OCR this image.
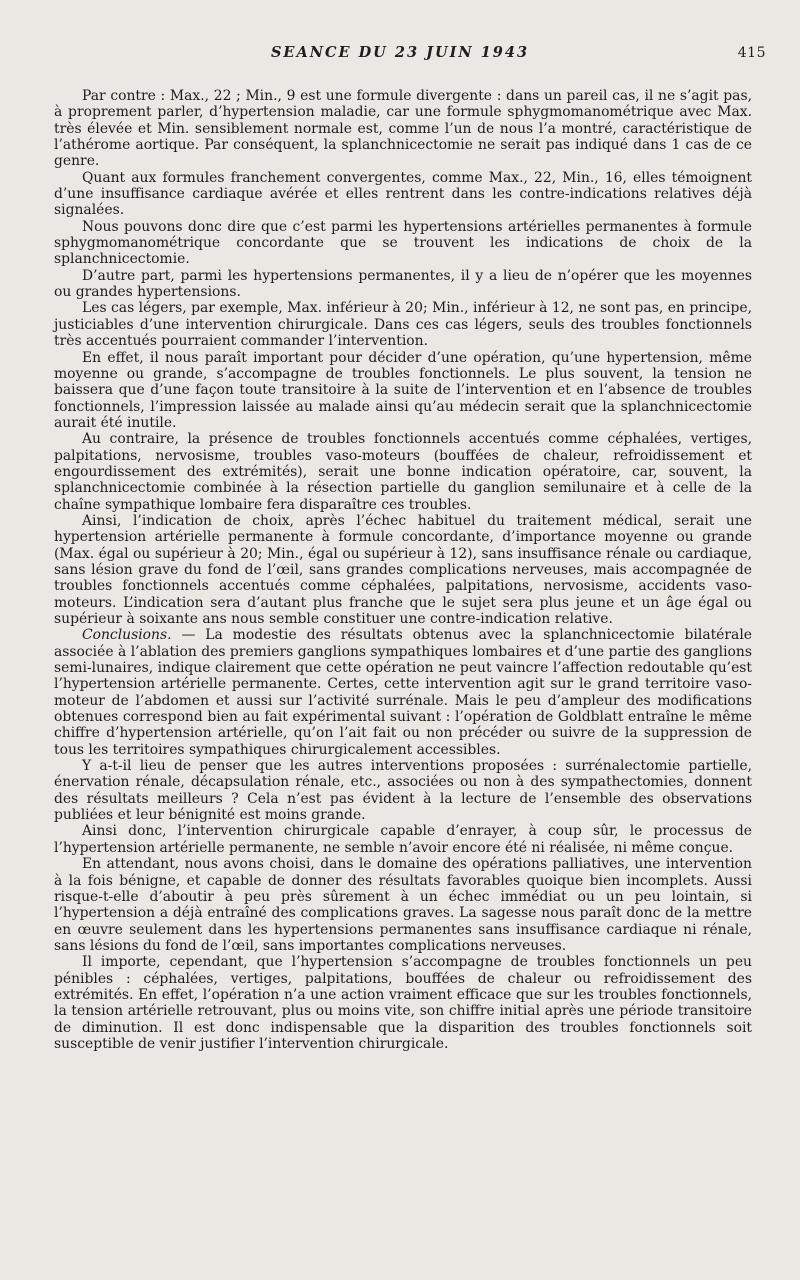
SEANCE DU 23 JUIN 1943	415

Par contre : Max., 22 ; Min., 9 est une formule divergente : dans un pareil cas, il ne s’agit pas, à proprement parler, d’hypertension maladie, car une formule sphygmomanométrique avec Max. très élevée et Min. sensiblement normale est, comme l’un de nous l’a montré, caractéristique de l’athérome aortique. Par conséquent, la splanchnicectomie ne serait pas indiqué dans 1 cas de ce genre.

Quant aux formules franchement convergentes, comme Max., 22, Min., 16, elles témoignent d’une insuffisance cardiaque avérée et elles rentrent dans les contre-indications relatives déjà signalées.

Nous pouvons donc dire que c’est parmi les hypertensions artérielles permanentes à formule sphygmomanométrique concordante que se trouvent les indications de choix de la splanchnicectomie.

D’autre part, parmi les hypertensions permanentes, il y a lieu de n’opérer que les moyennes ou grandes hypertensions.

Les cas légers, par exemple, Max. inférieur à 20; Min., inférieur à 12, ne sont pas, en principe, justiciables d’une intervention chirurgicale. Dans ces cas légers, seuls des troubles fonctionnels très accentués pourraient commander l’intervention.

En effet, il nous paraît important pour décider d’une opération, qu’une hypertension, même moyenne ou grande, s’accompagne de troubles fonctionnels. Le plus souvent, la tension ne baissera que d’une façon toute transitoire à la suite de l’intervention et en l’absence de troubles fonctionnels, l’impression laissée au malade ainsi qu’au médecin serait que la splanchnicectomie aurait été inutile.

Au contraire, la présence de troubles fonctionnels accentués comme céphalées, vertiges, palpitations, nervosisme, troubles vaso-moteurs (bouffées de chaleur, refroidissement et engourdissement des extrémités), serait une bonne indication opératoire, car, souvent, la splanchnicectomie combinée à la résection partielle du ganglion semilunaire et à celle de la chaîne sympathique lombaire fera disparaître ces troubles.

Ainsi, l’indication de choix, après l’échec habituel du traitement médical, serait une hypertension artérielle permanente à formule concordante, d’importance moyenne ou grande (Max. égal ou supérieur à 20; Min., égal ou supérieur à 12), sans insuffisance rénale ou cardiaque, sans lésion grave du fond de l’œil, sans grandes complications nerveuses, mais accompagnée de troubles fonctionnels accentués comme céphalées, palpitations, nervosisme, accidents vaso-moteurs. L’indication sera d’autant plus franche que le sujet sera plus jeune et un âge égal ou supérieur à soixante ans nous semble constituer une contre-indication relative.

Conclusions. — La modestie des résultats obtenus avec la splanchnicectomie bilatérale associée à l’ablation des premiers ganglions sympathiques lombaires et d’une partie des ganglions semi-lunaires, indique clairement que cette opération ne peut vaincre l’affection redoutable qu’est l’hypertension artérielle permanente. Certes, cette intervention agit sur le grand territoire vaso-moteur de l’abdomen et aussi sur l’activité surrénale. Mais le peu d’ampleur des modifications obtenues correspond bien au fait expérimental suivant : l’opération de Goldblatt entraîne le même chiffre d’hypertension artérielle, qu’on l’ait fait ou non précéder ou suivre de la suppression de tous les territoires sympathiques chirurgicalement accessibles.

Y a-t-il lieu de penser que les autres interventions proposées : surrénalectomie partielle, énervation rénale, décapsulation rénale, etc., associées ou non à des sympathectomies, donnent des résultats meilleurs ? Cela n’est pas évident à la lecture de l’ensemble des observations publiées et leur bénignité est moins grande.

Ainsi donc, l’intervention chirurgicale capable d’enrayer, à coup sûr, le processus de l’hypertension artérielle permanente, ne semble n’avoir encore été ni réalisée, ni même conçue.

En attendant, nous avons choisi, dans le domaine des opérations palliatives, une intervention à la fois bénigne, et capable de donner des résultats favorables quoique bien incomplets. Aussi risque-t-elle d’aboutir à peu près sûrement à un échec immédiat ou un peu lointain, si l’hypertension a déjà entraîné des complications graves. La sagesse nous paraît donc de la mettre en œuvre seulement dans les hypertensions permanentes sans insuffisance cardiaque ni rénale, sans lésions du fond de l’œil, sans importantes complications nerveuses.

Il importe, cependant, que l’hypertension s’accompagne de troubles fonctionnels un peu pénibles : céphalées, vertiges, palpitations, bouffées de chaleur ou refroidissement des extrémités. En effet, l’opération n’a une action vraiment efficace que sur les troubles fonctionnels, la tension artérielle retrouvant, plus ou moins vite, son chiffre initial après une période transitoire de diminution. Il est donc indispensable que la disparition des troubles fonctionnels soit susceptible de venir justifier l’intervention chirurgicale.
